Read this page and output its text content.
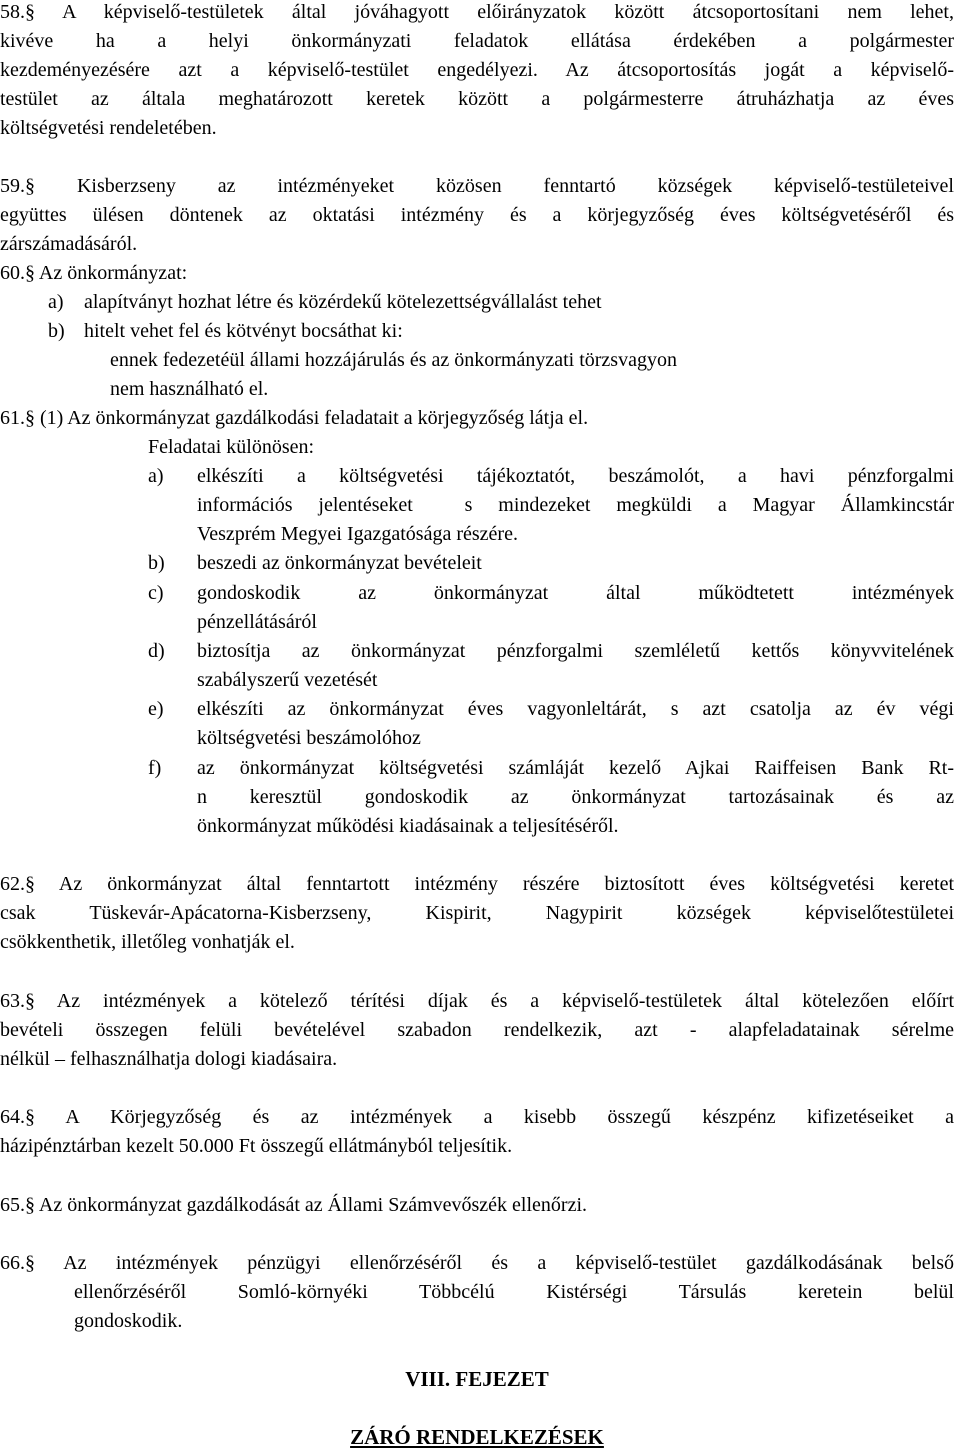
58.§ A képviselő-testületek által jóváhagyott előirányzatok között átcsoportosítani nem lehet,

kivéve ha a helyi önkormányzati feladatok ellátása érdekében a polgármester

kezdeményezésére azt a képviselő-testület engedélyezi. Az átcsoportosítás jogát a képviselő-

testület az általa meghatározott keretek között a polgármesterre átruházhatja az éves

költségvetési rendeletében.

59.§ Kisberzseny az intézményeket közösen fenntartó községek képviselő-testületeivel

együttes ülésen döntenek az oktatási intézmény és a körjegyzőség éves költségvetéséről és

zárszámadásáról.

60.§ Az önkormányzat:

a) alapítványt hozhat létre és közérdekű kötelezettségvállalást tehet

b) hitelt vehet fel és kötvényt bocsáthat ki:

ennek fedezetéül állami hozzájárulás és az önkormányzati törzsvagyon

nem használható el.

61.§ (1) Az önkormányzat gazdálkodási feladatait a körjegyzőség látja el.

Feladatai különösen:

a) elkészíti a költségvetési tájékoztatót, beszámolót, a havi pénzforgalmi

információs jelentéseket  s mindezeket megküldi a Magyar Államkincstár

Veszprém Megyei Igazgatósága részére.

b) beszedi az önkormányzat bevételeit

c) gondoskodik az önkormányzat által működtetett intézmények

pénzellátásáról

d) biztosítja az önkormányzat pénzforgalmi szemléletű kettős könyvvitelének

szabályszerű vezetését

e) elkészíti az önkormányzat éves vagyonleltárát, s azt csatolja az év végi

költségvetési beszámolóhoz

f) az önkormányzat költségvetési számláját kezelő Ajkai Raiffeisen Bank Rt-

n keresztül gondoskodik az önkormányzat tartozásainak és az

önkormányzat működési kiadásainak a teljesítéséről.

62.§ Az önkormányzat által fenntartott intézmény részére biztosított éves költségvetési keretet

csak Tüskevár-Apácatorna-Kisberzseny, Kispirit, Nagypirit községek képviselőtestületei

csökkenthetik, illetőleg vonhatják el.

63.§ Az intézmények a kötelező térítési díjak és a képviselő-testületek által kötelezően előírt

bevételi összegen felüli bevételével szabadon rendelkezik, azt - alapfeladatainak sérelme

nélkül – felhasználhatja dologi kiadásaira.

64.§ A Körjegyzőség és az intézmények a kisebb összegű készpénz kifizetéseiket a

házipénztárban kezelt 50.000 Ft összegű ellátmányból teljesítik.

65.§ Az önkormányzat gazdálkodását az Állami Számvevőszék ellenőrzi.

66.§ Az intézmények pénzügyi ellenőrzéséről és a képviselő-testület gazdálkodásának belső

ellenőrzéséről Somló-környéki Többcélú Kistérségi Társulás keretein belül

gondoskodik.

VIII. FEJEZET

ZÁRÓ RENDELKEZÉSEK
